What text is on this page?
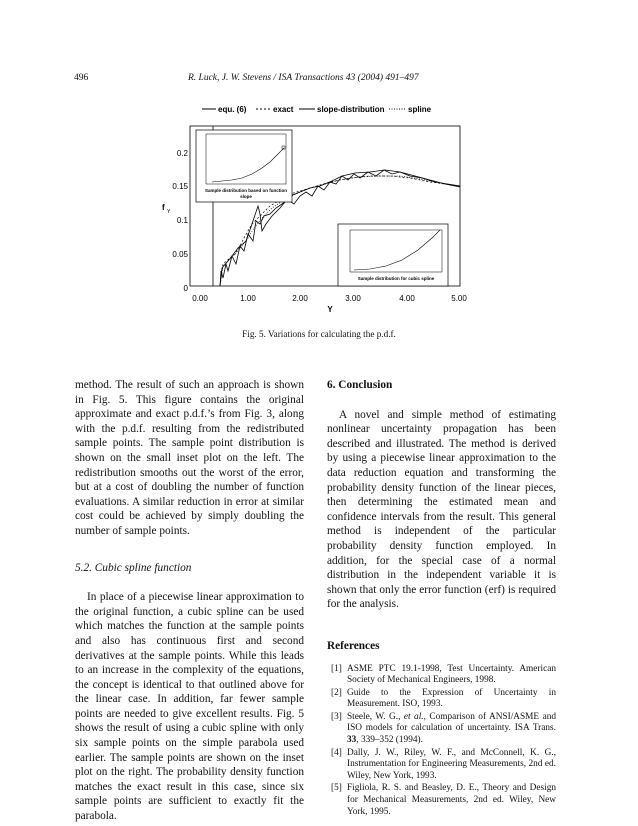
496	R. Luck, J. W. Stevens / ISA Transactions 43 (2004) 491–497
equ. (6)	exact	slope-distribution	spline
0
0.05
0.1
0.15
0.2
f Y
0.00	1.00	2.00	3.00	4.00	5.00
Y
Sample distribution based on function
slope
Sample distribution for cubic spline
Fig. 5. Variations for calculating the p.d.f.

method. The result of such an approach is shown in Fig. 5. This figure contains the original approximate and exact p.d.f.’s from Fig. 3, along with the p.d.f. resulting from the redistributed sample points. The sample point distribution is shown on the small inset plot on the left. The redistribution smooths out the worst of the error, but at a cost of doubling the number of function evaluations. A similar reduction in error at similar cost could be achieved by simply doubling the number of sample points.

5.2. Cubic spline function

In place of a piecewise linear approximation to the original function, a cubic spline can be used which matches the function at the sample points and also has continuous first and second derivatives at the sample points. While this leads to an increase in the complexity of the equations, the concept is identical to that outlined above for the linear case. In addition, far fewer sample points are needed to give excellent results. Fig. 5 shows the result of using a cubic spline with only six sample points on the simple parabola used earlier. The sample points are shown on the inset plot on the right. The probability density function matches the exact result in this case, since six sample points are sufficient to exactly fit the parabola.

6. Conclusion

A novel and simple method of estimating nonlinear uncertainty propagation has been described and illustrated. The method is derived by using a piecewise linear approximation to the data reduction equation and transforming the probability density function of the linear pieces, then determining the estimated mean and confidence intervals from the result. This general method is independent of the particular probability density function employed. In addition, for the special case of a normal distribution in the independent variable it is shown that only the error function (erf) is required for the analysis.

References

[1] ASME PTC 19.1-1998, Test Uncertainty. American Society of Mechanical Engineers, 1998.
[2] Guide to the Expression of Uncertainty in Measurement. ISO, 1993.
[3] Steele, W. G., et al., Comparison of ANSI/ASME and ISO models for calculation of uncertainty. ISA Trans. 33, 339–352 (1994).
[4] Dally, J. W., Riley, W. F., and McConnell, K. G., Instrumentation for Engineering Measurements, 2nd ed. Wiley, New York, 1993.
[5] Figliola, R. S. and Beasley, D. E., Theory and Design for Mechanical Measurements, 2nd ed. Wiley, New York, 1995.
